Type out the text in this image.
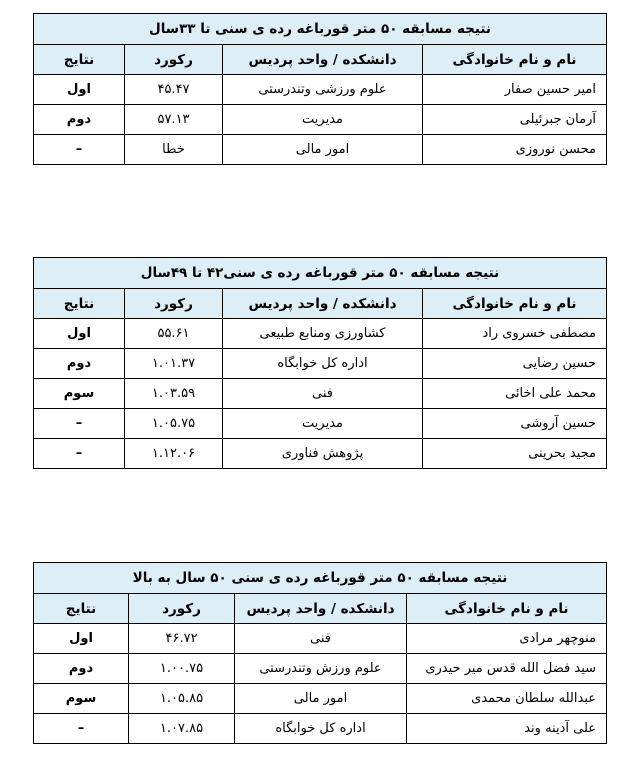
نتیجه مسابقه ۵۰ متر قورباغه رده ی سنی تا ۳۳سال			
نام و نام خانوادگی	دانشکده / واحد پردیس	رکورد	نتایج
امیر حسین صفار	علوم ورزشی وتندرستی	۴۵.۴۷	اول
آرمان جبرئیلی	مدیریت	۵۷.۱۳	دوم
محسن نوروزی	امور مالی	خطا	–
نتیجه مسابقه ۵۰ متر قورباغه رده ی سنی۴۲ تا ۴۹سال			
نام و نام خانوادگی	دانشکده / واحد پردیس	رکورد	نتایج
مصطفی خسروی راد	کشاورزی ومنابع طبیعی	۵۵.۶۱	اول
حسین رضایی	اداره کل خوابگاه	۱.۰۱.۳۷	دوم
محمد علی اخائی	فنی	۱.۰۳.۵۹	سوم
حسین آروشی	مدیریت	۱.۰۵.۷۵	–
مجید بحرینی	پژوهش فناوری	۱.۱۲.۰۶	–
نتیجه مسابقه ۵۰ متر قورباغه رده ی سنی ۵۰ سال به بالا			
نام و نام خانوادگی	دانشکده / واحد پردیس	رکورد	نتایج
منوچهر مرادی	فنی	۴۶.۷۲	اول
سید فضل الله قدس میر حیدری	علوم ورزش وتندرستی	۱.۰۰.۷۵	دوم
عبدالله سلطان محمدی	امور مالی	۱.۰۵.۸۵	سوم
علی آدینه وند	اداره کل خوابگاه	۱.۰۷.۸۵	–
